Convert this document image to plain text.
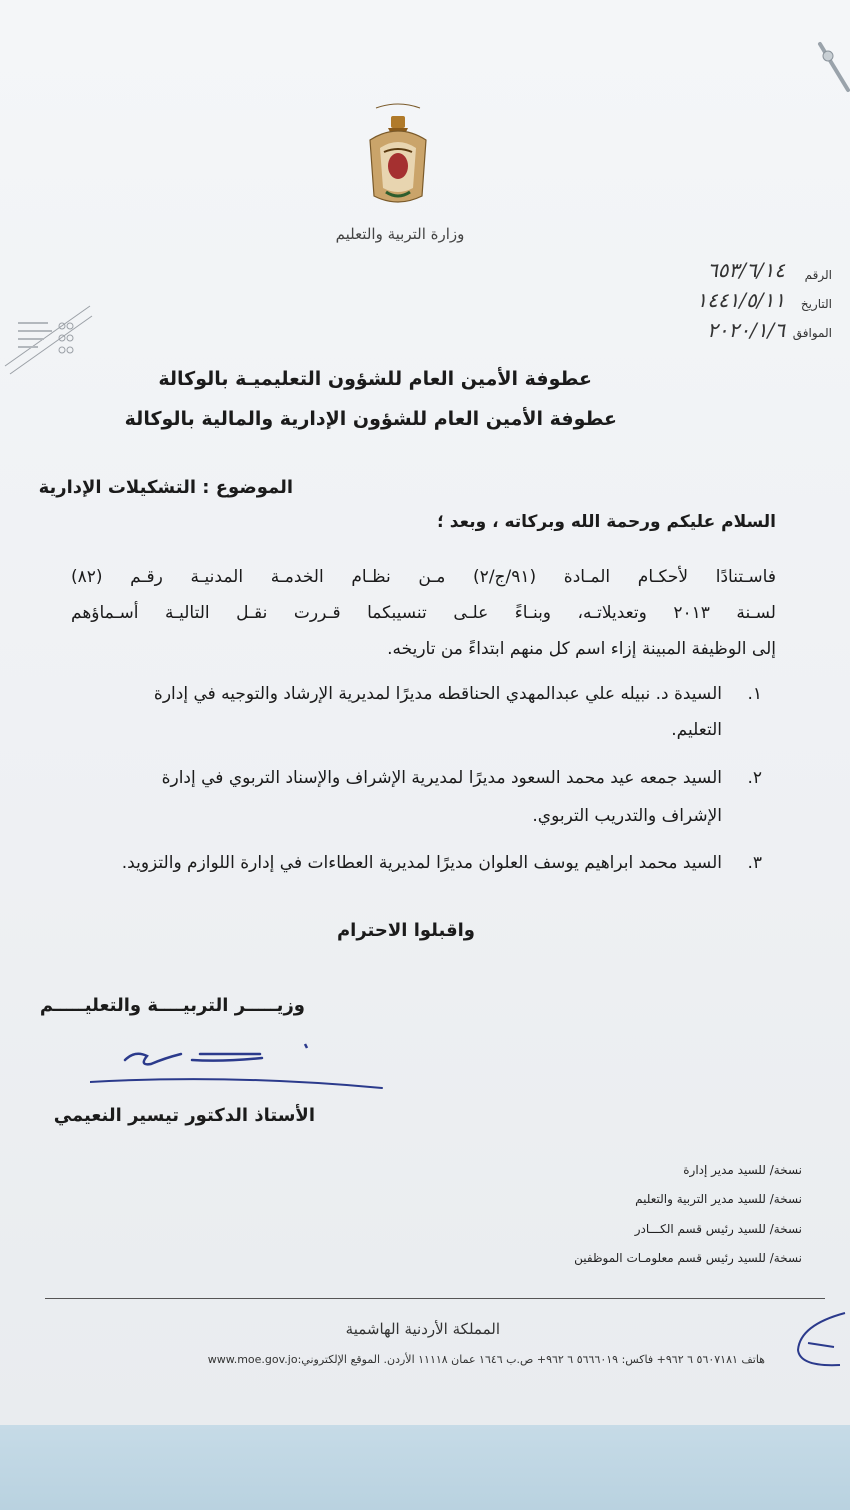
وزارة التربية والتعليم
الرقم
٦٥٣/٦/١٤
التاريخ
١٤٤١/٥/١١
الموافق
٢٠٢٠/١/٦
عطوفة الأمين العام للشؤون التعليميـة بالوكالة
عطوفة الأمين العام للشؤون الإدارية والمالية بالوكالة
الموضوع : التشكيلات الإدارية
السلام عليكم ورحمة الله وبركاته ، وبعد ؛
فاسـتنادًا لأحكـام المـادة (٩١/ج/٢) مـن نظـام الخدمـة المدنيـة رقـم (٨٢)
لسـنة ٢٠١٣ وتعديلاتـه، وبنـاءً علـى تنسيبكما قـررت نقـل التاليـة أسـماؤهم
إلى الوظيفة المبينة إزاء اسم كل منهم ابتداءً من تاريخه.
١.
السيدة د. نبيله علي عبدالمهدي الحناقطه مديرًا لمديرية الإرشاد والتوجيه في إدارة
التعليم.
٢.
السيد جمعه عيد محمد السعود مديرًا لمديرية الإشراف والإسناد التربوي في إدارة
الإشراف والتدريب التربوي.
٣.
السيد محمد ابراهيم يوسف العلوان مديرًا لمديرية العطاءات في إدارة اللوازم والتزويد.
واقبلوا الاحترام
وزيـــــر التربيــــة والتعليـــــم
الأستاذ الدكتور تيسير النعيمي
نسخة/ للسيد مدير إدارة
نسخة/ للسيد مدير التربية والتعليم
نسخة/ للسيد رئيس قسم الكـــادر
نسخة/ للسيد رئيس قسم معلومـات الموظفين
المملكة الأردنية الهاشمية
هاتف ٥٦٠٧١٨١ ٦ ٩٦٢+ فاكس: ٥٦٦٦٠١٩ ٦ ٩٦٢+ ص.ب ١٦٤٦ عمان ١١١١٨ الأردن. الموقع الإلكتروني:www.moe.gov.jo
